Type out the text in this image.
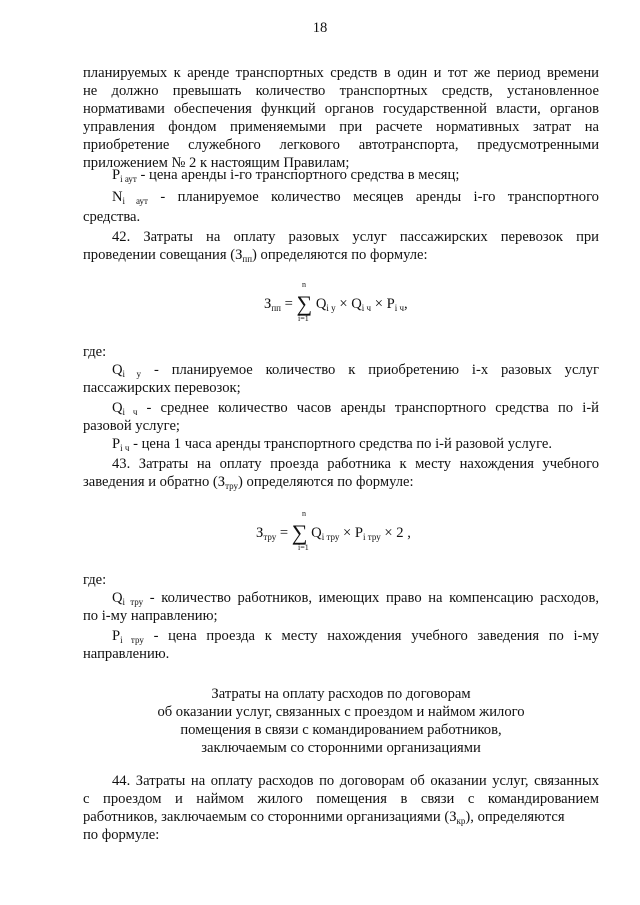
18
планируемых к аренде транспортных средств в один и тот же период времени
не должно превышать количество транспортных средств, установленное
нормативами обеспечения функций органов государственной власти, органов
управления фондом применяемыми при расчете нормативных затрат на
приобретение служебного легкового автотранспорта, предусмотренными
приложением № 2 к настоящим Правилам;
$P_{i аут}$ - цена аренды i-го транспортного средства в месяц;
$N_{i аут}$ - планируемое количество месяцев аренды i-го транспортного
средства.
42. Затраты на оплату разовых услуг пассажирских перевозок при
проведении совещания $(З_{пп})$ определяются по формуле:
$З_{пп}$ = ∑
n
i=1
$Q_{i у} \times Q_{i ч} \times P_{i ч}$,
где:
$Q_{i у}$ - планируемое количество к приобретению i-х разовых услуг
пассажирских перевозок;
$Q_{i ч}$ - среднее количество часов аренды транспортного средства по i-й
разовой услуге;
$P_{i ч}$ - цена 1 часа аренды транспортного средства по i-й разовой услуге.
43. Затраты на оплату проезда работника к месту нахождения учебного
заведения и обратно $(З_{тру})$ определяются по формуле:
$З_{тру}$ = ∑
n
i=1
$Q_{i тру} \times P_{i тру} \times 2$ ,
где:
$Q_{i тру}$ - количество работников, имеющих право на компенсацию расходов,
по i-му направлению;
$P_{i тру}$ - цена проезда к месту нахождения учебного заведения по i-му
направлению.
Затраты на оплату расходов по договорам
об оказании услуг, связанных с проездом и наймом жилого
помещения в связи с командированием работников,
заключаемым со сторонними организациями
44. Затраты на оплату расходов по договорам об оказании услуг, связанных
с проездом и наймом жилого помещения в связи с командированием
работников, заключаемым со сторонними организациями $(З_{кр})$, определяются
по формуле:
